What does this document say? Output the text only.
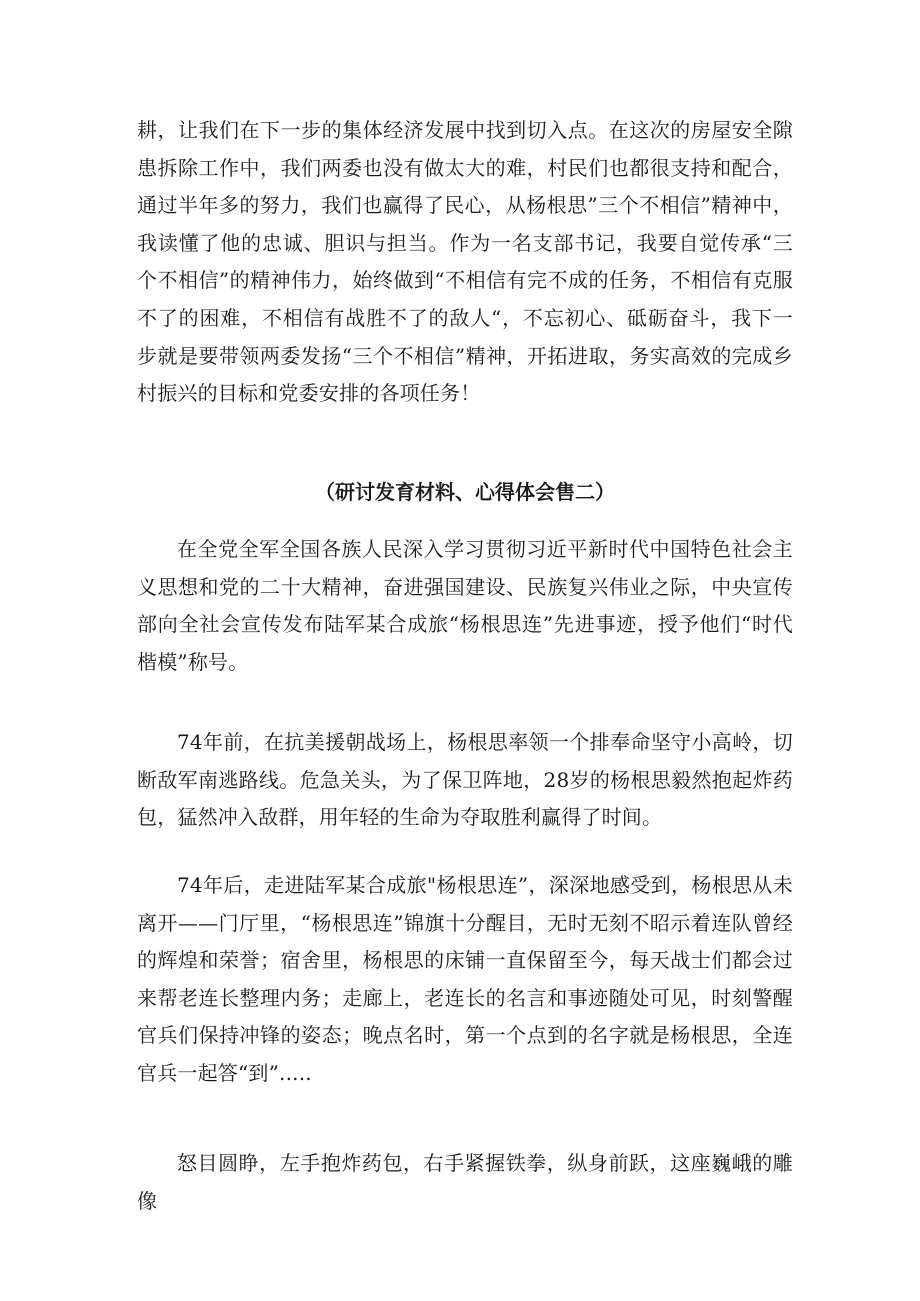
耕，让我们在下一步的集体经济发展中找到切入点。在这次的房屋安全隙患拆除工作中，我们两委也没有做太大的难，村民们也都很支持和配合，通过半年多的努力，我们也赢得了民心，从杨根思”三个不相信”精神中，我读懂了他的忠诚、胆识与担当。作为一名支部书记，我要自觉传承“三个不相信”的精神伟力，始终做到“不相信有完不成的任务，不相信有克服不了的困难，不相信有战胜不了的敌人“，不忘初心、砥砺奋斗，我下一步就是要带领两委发扬“三个不相信”精神，开拓进取，务实高效的完成乡村振兴的目标和党委安排的各项任务！

（研讨发育材料、心得体会售二）

在全党全军全国各族人民深入学习贯彻习近平新时代中国特色社会主义思想和党的二十大精神，奋进强国建设、民族复兴伟业之际，中央宣传部向全社会宣传发布陆军某合成旅“杨根思连”先进事迹，授予他们“时代楷模”称号。

74年前，在抗美援朝战场上，杨根思率领一个排奉命坚守小高岭，切断敌军南逃路线。危急关头，为了保卫阵地，28岁的杨根思毅然抱起炸药包，猛然冲入敌群，用年轻的生命为夺取胜利赢得了时间。

74年后，走进陆军某合成旅"杨根思连”，深深地感受到，杨根思从未离开——门厅里，“杨根思连”锦旗十分醒目，无时无刻不昭示着连队曾经的辉煌和荣誉；宿舍里，杨根思的床铺一直保留至今，每天战士们都会过来帮老连长整理内务；走廊上，老连长的名言和事迹随处可见，时刻警醒官兵们保持冲锋的姿态；晚点名时，第一个点到的名字就是杨根思，全连官兵一起答“到”.....

怒目圆睁，左手抱炸药包，右手紧握铁拳，纵身前跃，这座巍峨的雕像
